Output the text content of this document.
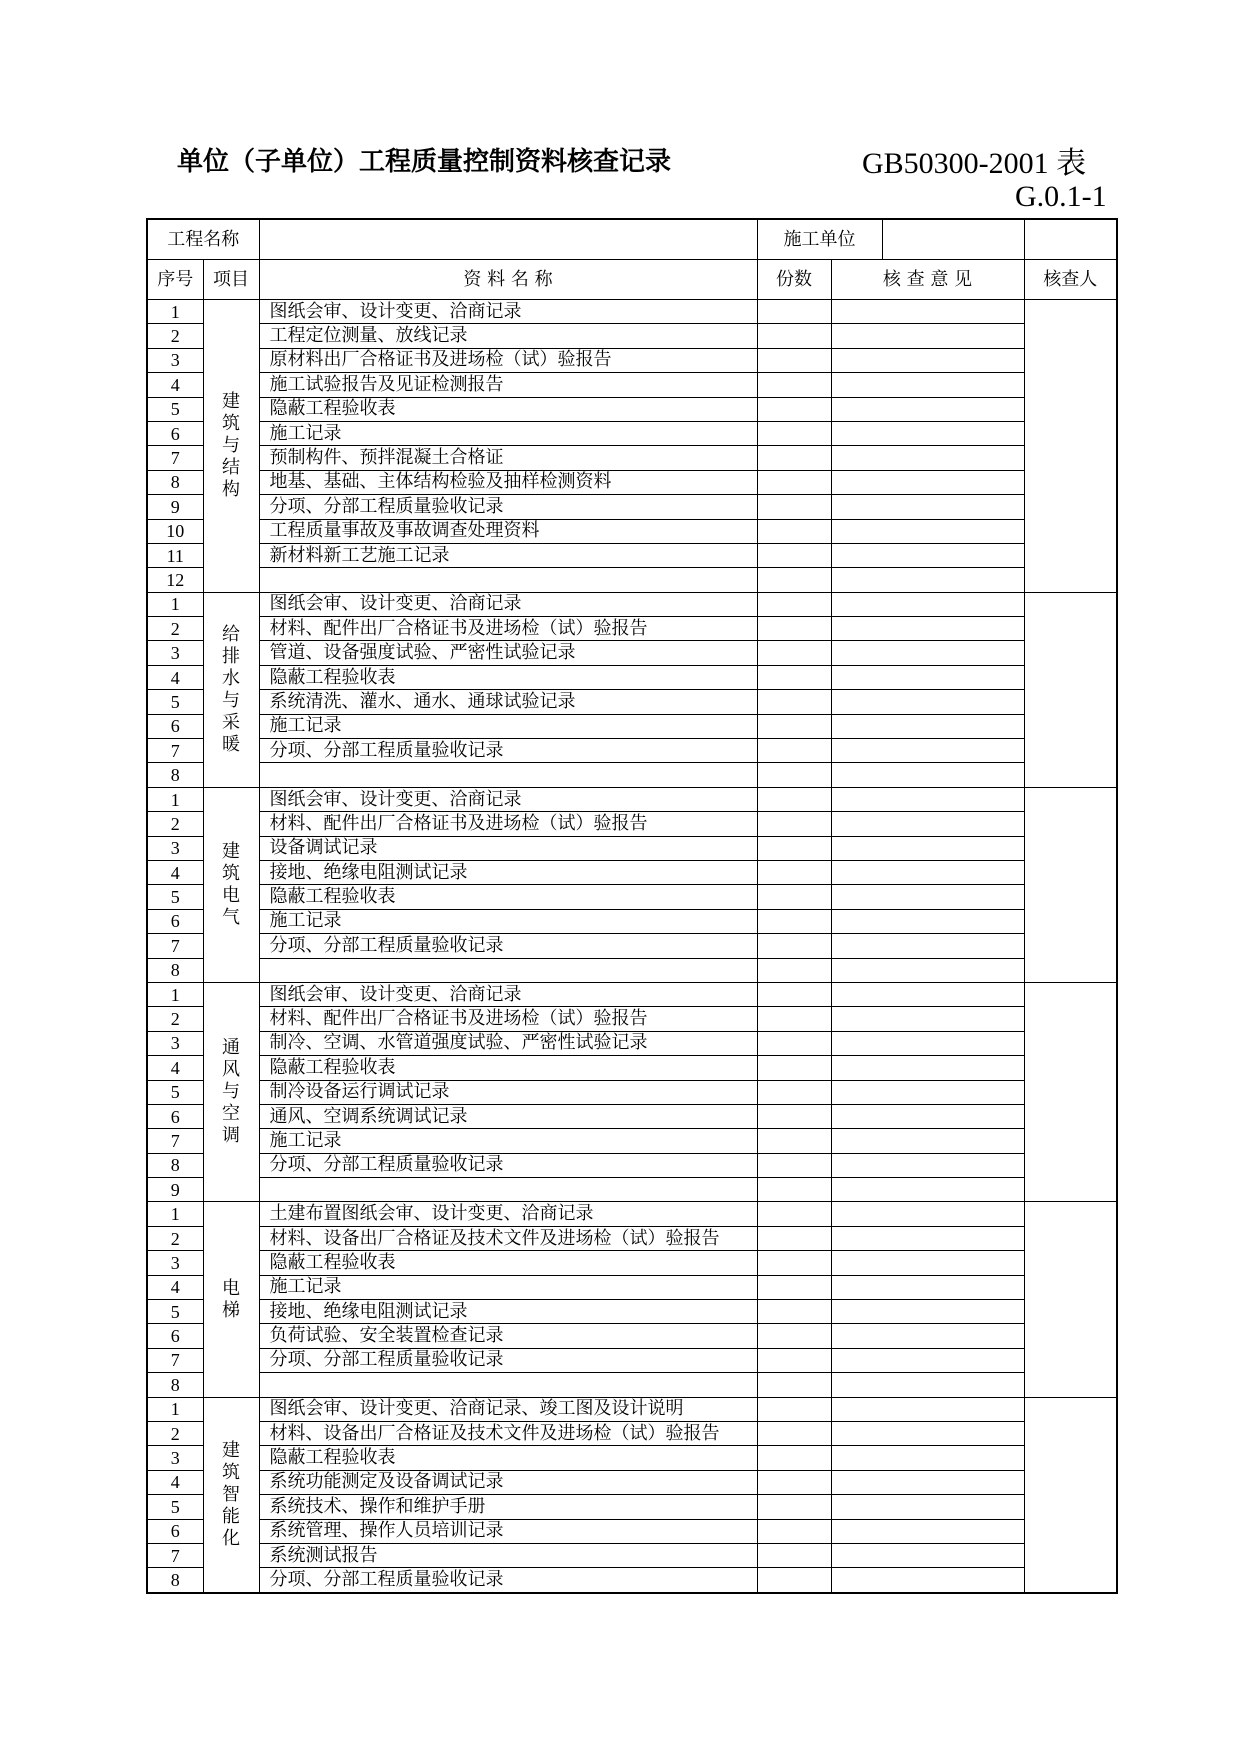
单位（子单位）工程质量控制资料核查记录	GB50300-2001 表
G.0.1-1
工程名称			施工单位		

序号	项目	资 料 名 称	份数	核 查 意 见	核查人
1	建筑与结构	图纸会审、设计变更、洽商记录			
2		工程定位测量、放线记录			
3		原材料出厂合格证书及进场检（试）验报告			
4		施工试验报告及见证检测报告			
5		隐蔽工程验收表			
6		施工记录			
7		预制构件、预拌混凝土合格证			
8		地基、基础、主体结构检验及抽样检测资料			
9		分项、分部工程质量验收记录			
10		工程质量事故及事故调查处理资料			
11		新材料新工艺施工记录			
12					
1	给排水与采暖	图纸会审、设计变更、洽商记录			
2		材料、配件出厂合格证书及进场检（试）验报告			
3		管道、设备强度试验、严密性试验记录			
4		隐蔽工程验收表			
5		系统清洗、灌水、通水、通球试验记录			
6		施工记录			
7		分项、分部工程质量验收记录			
8					
1	建筑电气	图纸会审、设计变更、洽商记录			
2		材料、配件出厂合格证书及进场检（试）验报告			
3		设备调试记录			
4		接地、绝缘电阻测试记录			
5		隐蔽工程验收表			
6		施工记录			
7		分项、分部工程质量验收记录			
8					
1	通风与空调	图纸会审、设计变更、洽商记录			
2		材料、配件出厂合格证书及进场检（试）验报告			
3		制冷、空调、水管道强度试验、严密性试验记录			
4		隐蔽工程验收表			
5		制冷设备运行调试记录			
6		通风、空调系统调试记录			
7		施工记录			
8		分项、分部工程质量验收记录			
9					
1	电梯	土建布置图纸会审、设计变更、洽商记录			
2		材料、设备出厂合格证及技术文件及进场检（试）验报告			
3		隐蔽工程验收表			
4		施工记录			
5		接地、绝缘电阻测试记录			
6		负荷试验、安全装置检查记录			
7		分项、分部工程质量验收记录			
8					
1	建筑智能化	图纸会审、设计变更、洽商记录、竣工图及设计说明			
2		材料、设备出厂合格证及技术文件及进场检（试）验报告			
3		隐蔽工程验收表			
4		系统功能测定及设备调试记录			
5		系统技术、操作和维护手册			
6		系统管理、操作人员培训记录			
7		系统测试报告			
8		分项、分部工程质量验收记录			
